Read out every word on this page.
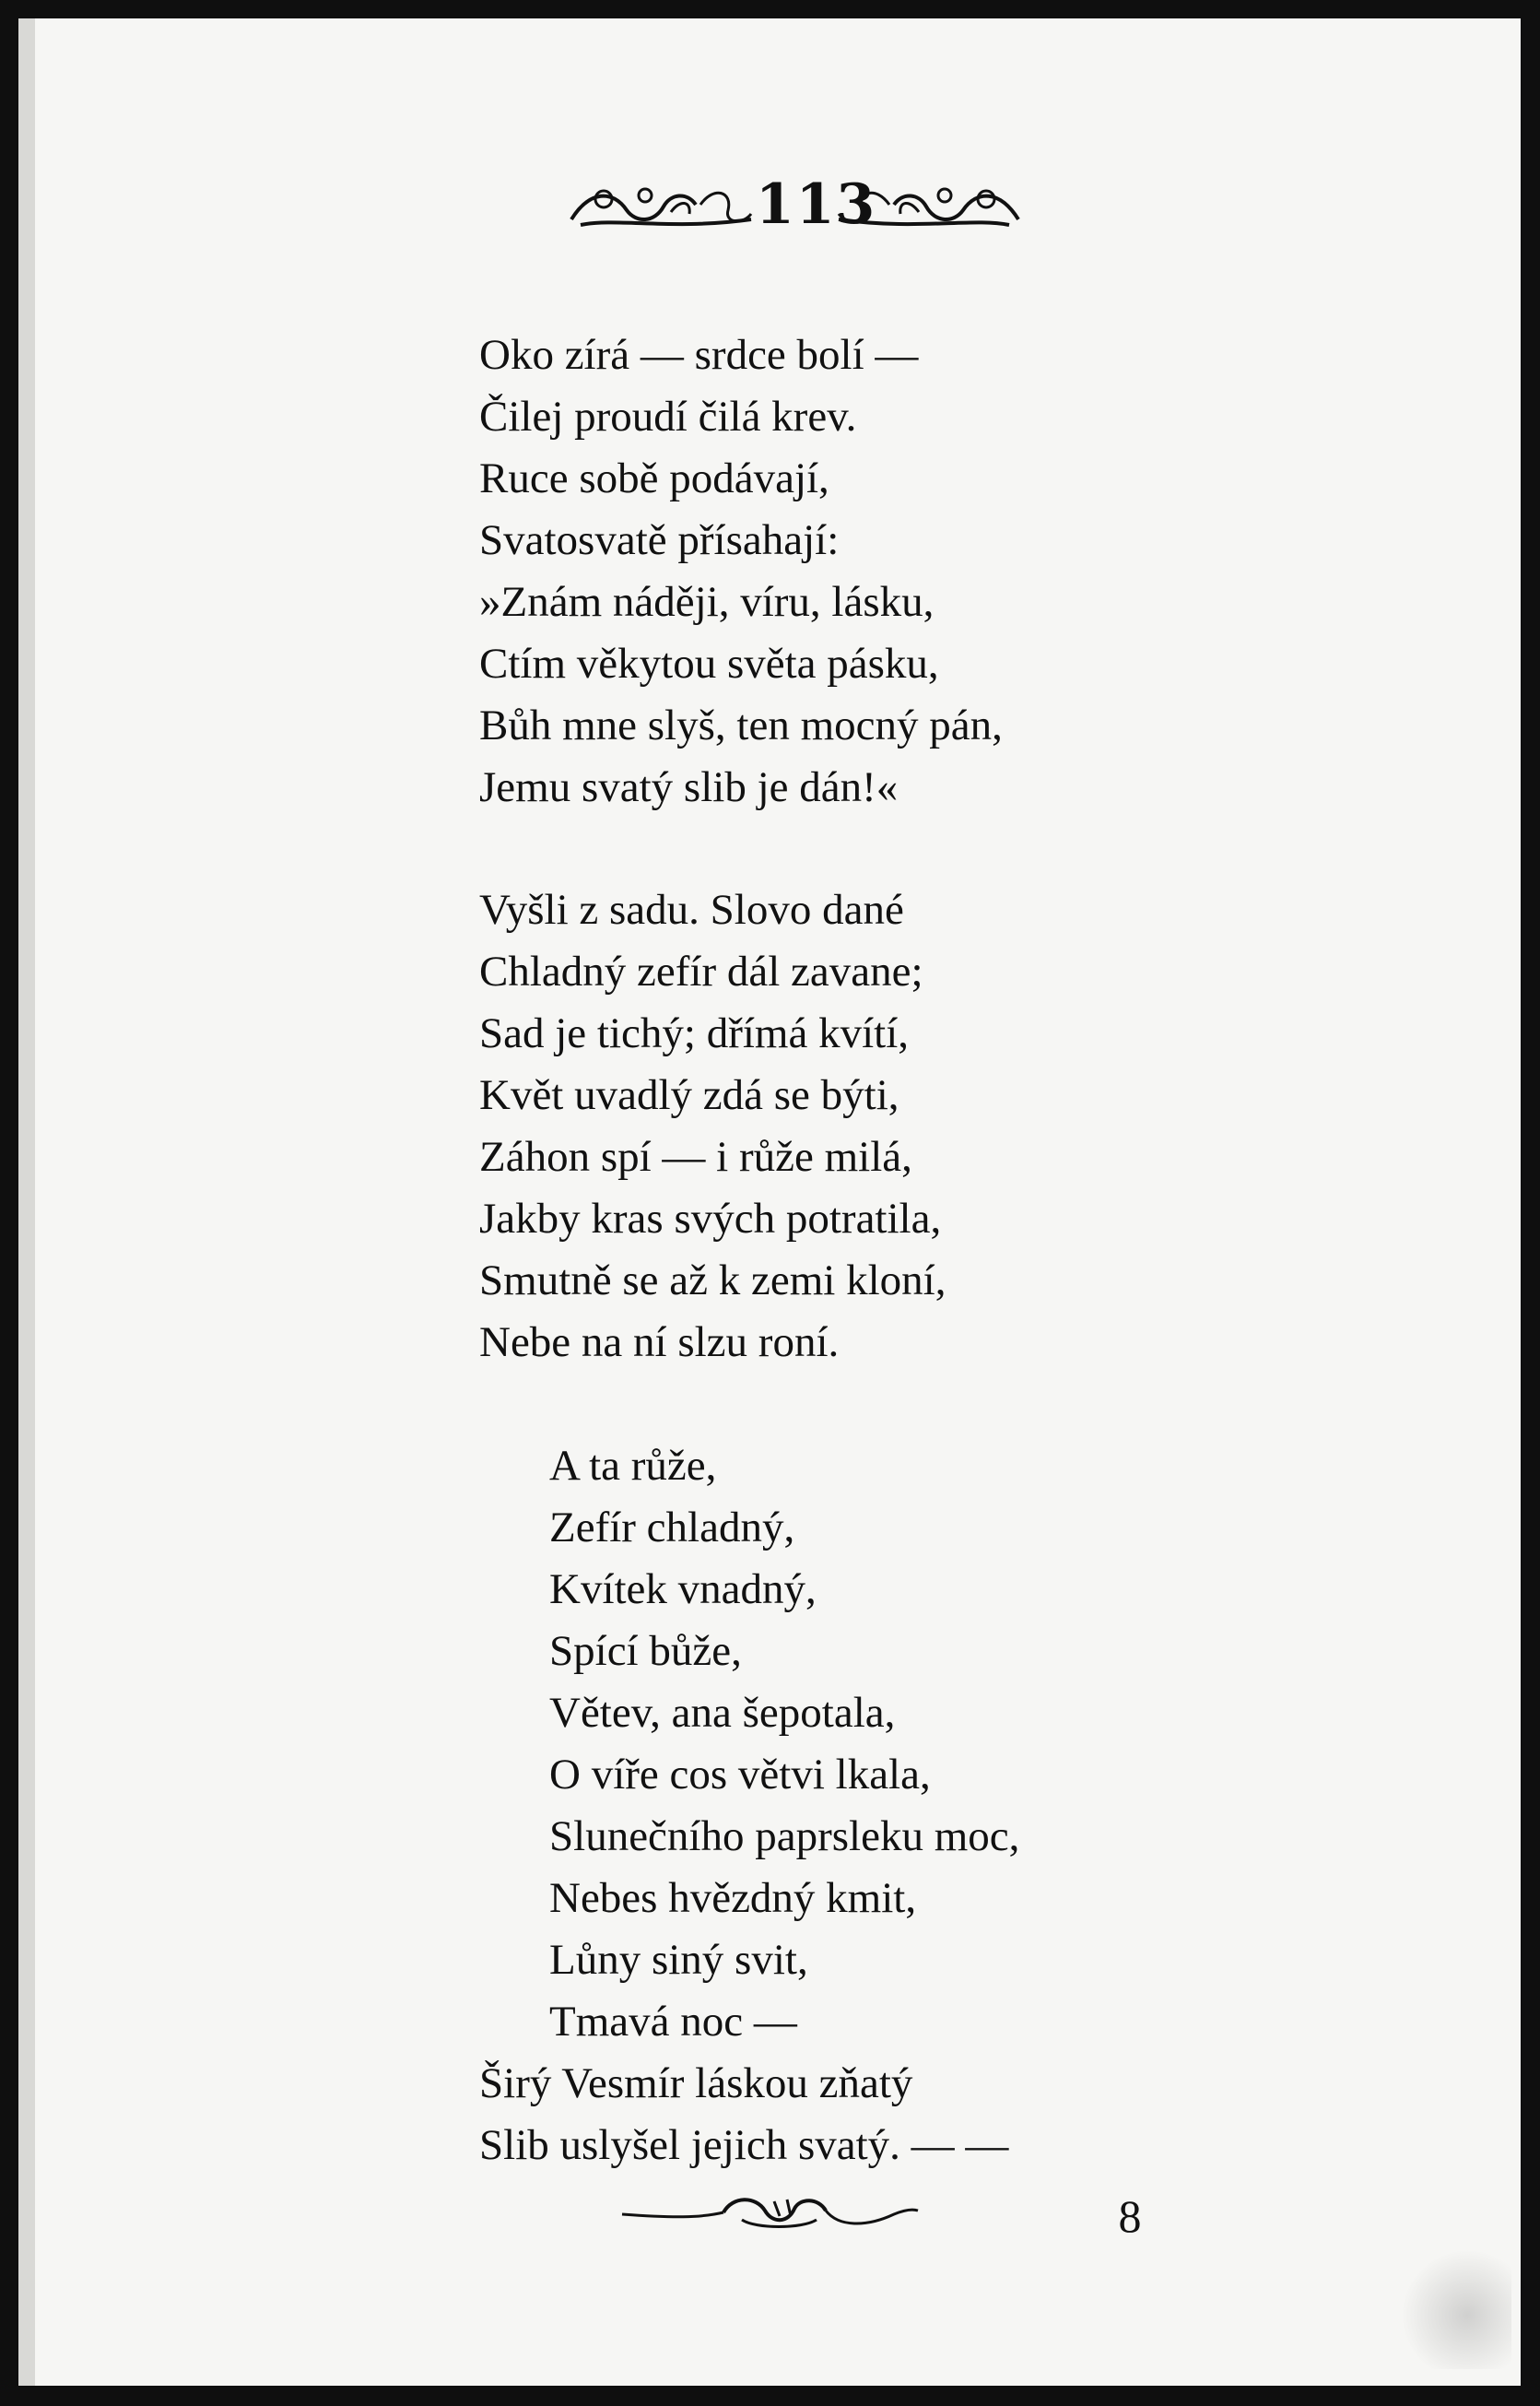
113
Oko zírá — srdce bolí —
Čilej proudí čilá krev.
Ruce sobě podávají,
Svatosvatě přísahají:
»Znám náději, víru, lásku,
Ctím věkytou světa pásku,
Bůh mne slyš, ten mocný pán,
Jemu svatý slib je dán!«
Vyšli z sadu. Slovo dané
Chladný zefír dál zavane;
Sad je tichý; dřímá kvítí,
Květ uvadlý zdá se býti,
Záhon spí — i růže milá,
Jakby kras svých potratila,
Smutně se až k zemi kloní,
Nebe na ní slzu roní.
A ta růže,
Zefír chladný,
Kvítek vnadný,
Spící bůže,
Větev, ana šepotala,
O víře cos větvi lkala,
Slunečního paprsleku moc,
Nebes hvězdný kmit,
Lůny siný svit,
Tmavá noc —
Širý Vesmír láskou zňatý
Slib uslyšel jejich svatý. — —
8
